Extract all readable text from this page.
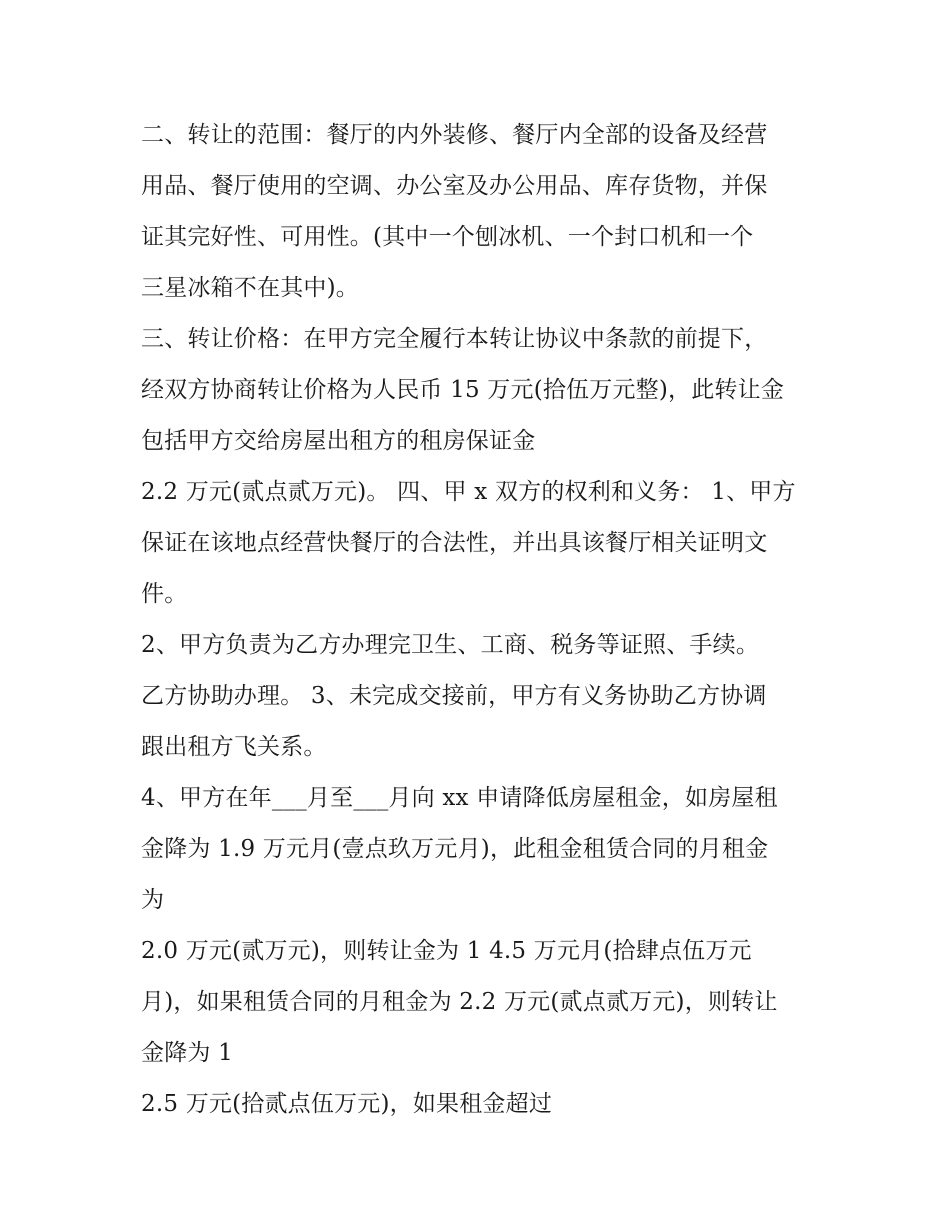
二、转让的范围：餐厅的内外装修、餐厅内全部的设备及经营
用品、餐厅使用的空调、办公室及办公用品、库存货物，并保
证其完好性、可用性。(其中一个刨冰机、一个封口机和一个
三星冰箱不在其中)。
三、转让价格：在甲方完全履行本转让协议中条款的前提下，
经双方协商转让价格为人民币 15 万元(拾伍万元整)，此转让金
包括甲方交给房屋出租方的租房保证金
2.2 万元(贰点贰万元)。 四、甲 x 双方的权利和义务： 1、甲方
保证在该地点经营快餐厅的合法性，并出具该餐厅相关证明文
件。
2、甲方负责为乙方办理完卫生、工商、税务等证照、手续。
乙方协助办理。 3、未完成交接前，甲方有义务协助乙方协调
跟出租方飞关系。
4、甲方在年___月至___月向 xx 申请降低房屋租金，如房屋租
金降为 1.9 万元月(壹点玖万元月)，此租金租赁合同的月租金
为
2.0 万元(贰万元)，则转让金为 1 4.5 万元月(拾肆点伍万元
月)，如果租赁合同的月租金为 2.2 万元(贰点贰万元)，则转让
金降为 1
2.5 万元(拾贰点伍万元)，如果租金超过
